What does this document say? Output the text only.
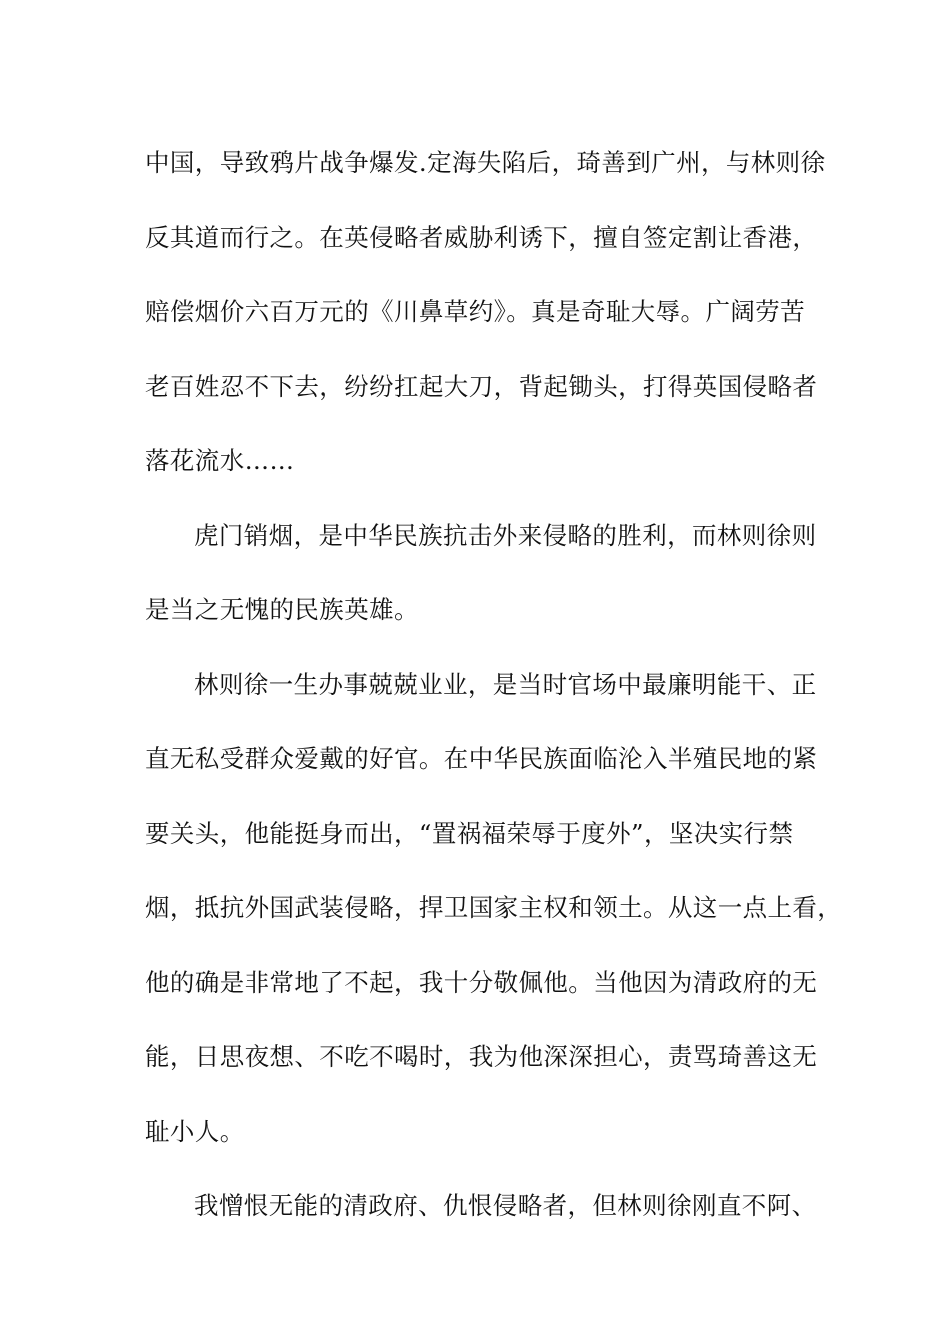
中国，导致鸦片战争爆发.定海失陷后，琦善到广州，与林则徐
反其道而行之。在英侵略者威胁利诱下，擅自签定割让香港，
赔偿烟价六百万元的《川鼻草约》。真是奇耻大辱。广阔劳苦
老百姓忍不下去，纷纷扛起大刀，背起锄头，打得英国侵略者
落花流水……
虎门销烟，是中华民族抗击外来侵略的胜利，而林则徐则
是当之无愧的民族英雄。
林则徐一生办事兢兢业业，是当时官场中最廉明能干、正
直无私受群众爱戴的好官。在中华民族面临沦入半殖民地的紧
要关头，他能挺身而出，“置祸福荣辱于度外”，坚决实行禁
烟，抵抗外国武装侵略，捍卫国家主权和领土。从这一点上看，
他的确是非常地了不起，我十分敬佩他。当他因为清政府的无
能，日思夜想、不吃不喝时，我为他深深担心，责骂琦善这无
耻小人。
我憎恨无能的清政府、仇恨侵略者，但林则徐刚直不阿、
